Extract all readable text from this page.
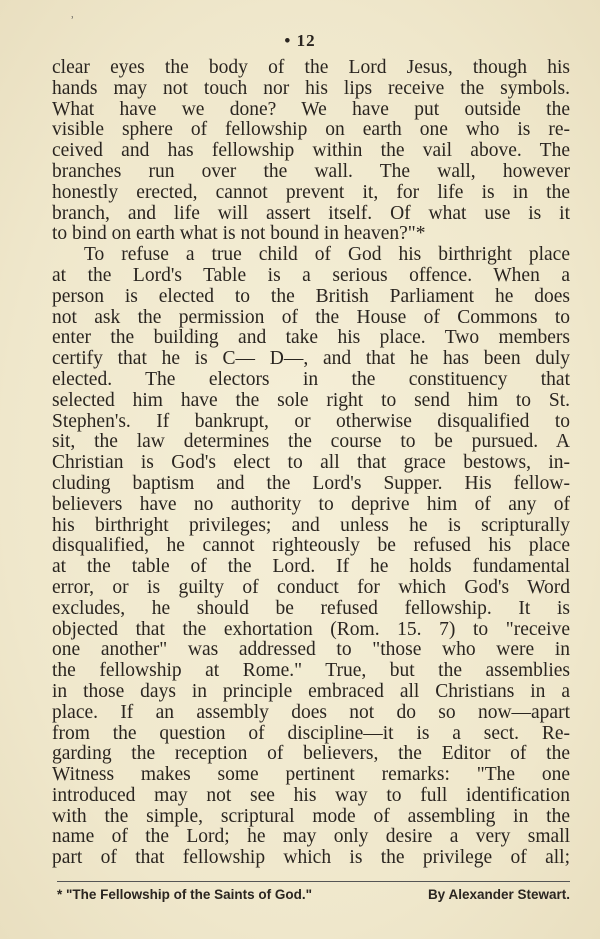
˒
• 12
clear eyes the body of the Lord Jesus, though his
hands may not touch nor his lips receive the symbols.
What have we done? We have put outside the
visible sphere of fellowship on earth one who is re-
ceived and has fellowship within the vail above. The
branches run over the wall. The wall, however
honestly erected, cannot prevent it, for life is in the
branch, and life will assert itself. Of what use is it
to bind on earth what is not bound in heaven?"*
To refuse a true child of God his birthright place
at the Lord's Table is a serious offence. When a
person is elected to the British Parliament he does
not ask the permission of the House of Commons to
enter the building and take his place. Two members
certify that he is C— D—, and that he has been duly
elected. The electors in the constituency that
selected him have the sole right to send him to St.
Stephen's. If bankrupt, or otherwise disqualified to
sit, the law determines the course to be pursued. A
Christian is God's elect to all that grace bestows, in-
cluding baptism and the Lord's Supper. His fellow-
believers have no authority to deprive him of any of
his birthright privileges; and unless he is scripturally
disqualified, he cannot righteously be refused his place
at the table of the Lord. If he holds fundamental
error, or is guilty of conduct for which God's Word
excludes, he should be refused fellowship. It is
objected that the exhortation (Rom. 15. 7) to "receive
one another" was addressed to "those who were in
the fellowship at Rome." True, but the assemblies
in those days in principle embraced all Christians in a
place. If an assembly does not do so now—apart
from the question of discipline—it is a sect. Re-
garding the reception of believers, the Editor of the
Witness makes some pertinent remarks: "The one
introduced may not see his way to full identification
with the simple, scriptural mode of assembling in the
name of the Lord; he may only desire a very small
part of that fellowship which is the privilege of all;
* "The Fellowship of the Saints of God."	By Alexander Stewart.
